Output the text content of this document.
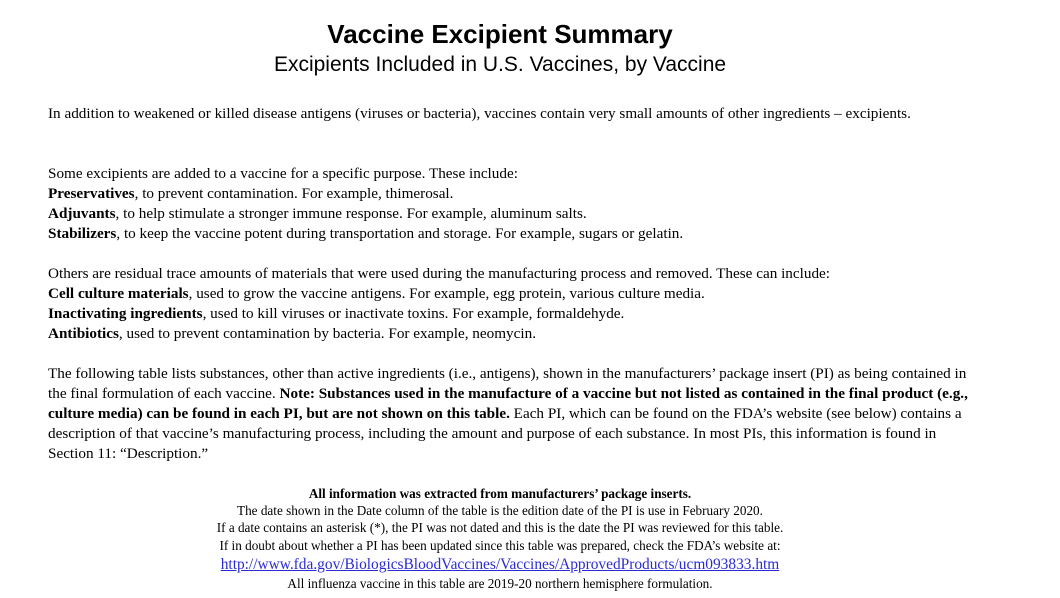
Vaccine Excipient Summary
Excipients Included in U.S. Vaccines, by Vaccine

In addition to weakened or killed disease antigens (viruses or bacteria), vaccines contain very small amounts of other ingredients – excipients.

Some excipients are added to a vaccine for a specific purpose. These include:

Preservatives, to prevent contamination. For example, thimerosal.

Adjuvants, to help stimulate a stronger immune response. For example, aluminum salts.

Stabilizers, to keep the vaccine potent during transportation and storage. For example, sugars or gelatin.

Others are residual trace amounts of materials that were used during the manufacturing process and removed. These can include:

Cell culture materials, used to grow the vaccine antigens. For example, egg protein, various culture media.

Inactivating ingredients, used to kill viruses or inactivate toxins. For example, formaldehyde.

Antibiotics, used to prevent contamination by bacteria. For example, neomycin.

The following table lists substances, other than active ingredients (i.e., antigens), shown in the manufacturers’ package insert (PI) as being contained in the final formulation of each vaccine. Note: Substances used in the manufacture of a vaccine but not listed as contained in the final product (e.g., culture media) can be found in each PI, but are not shown on this table. Each PI, which can be found on the FDA’s website (see below) contains a description of that vaccine’s manufacturing process, including the amount and purpose of each substance. In most PIs, this information is found in Section 11: “Description.”

All information was extracted from manufacturers’ package inserts.

The date shown in the Date column of the table is the edition date of the PI is use in February 2020.

If a date contains an asterisk (*), the PI was not dated and this is the date the PI was reviewed for this table.

If in doubt about whether a PI has been updated since this table was prepared, check the FDA’s website at:

http://www.fda.gov/BiologicsBloodVaccines/Vaccines/ApprovedProducts/ucm093833.htm

All influenza vaccine in this table are 2019-20 northern hemisphere formulation.
